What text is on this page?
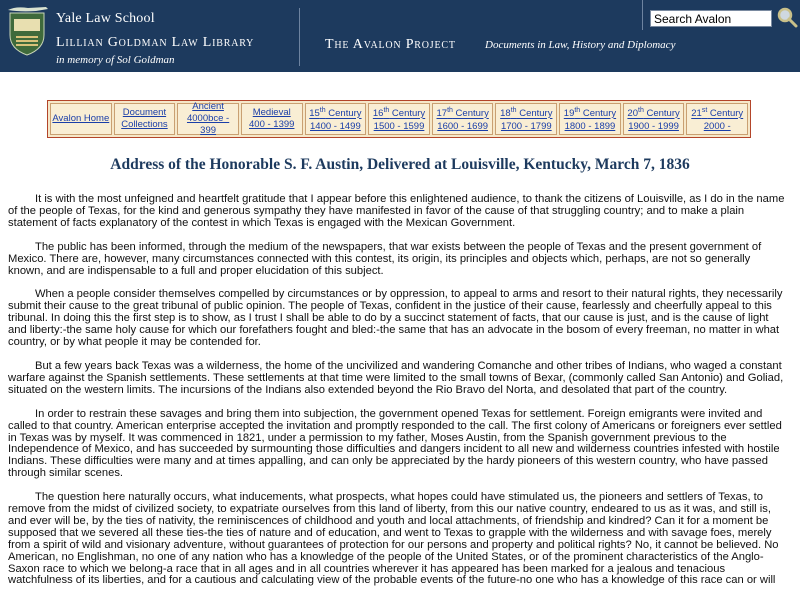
Yale Law School
Lillian Goldman Law Library
in memory of Sol Goldman
The Avalon Project	Documents in Law, History and Diplomacy
Search Avalon
Avalon Home
Document
Collections
Ancient
4000bce - 399
Medieval
400 - 1399
15th Century
1400 - 1499
16th Century
1500 - 1599
17th Century
1600 - 1699
18th Century
1700 - 1799
19th Century
1800 - 1899
20th Century
1900 - 1999
21st Century
2000 -
Address of the Honorable S. F. Austin, Delivered at Louisville, Kentucky, March 7, 1836

It is with the most unfeigned and heartfelt gratitude that I appear before this enlightened audience, to thank the citizens of Louisville, as I do in the name of the people of Texas, for the kind and generous sympathy they have manifested in favor of the cause of that struggling country; and to make a plain statement of facts explanatory of the contest in which Texas is engaged with the Mexican Government.

The public has been informed, through the medium of the newspapers, that war exists between the people of Texas and the present government of Mexico. There are, however, many circumstances connected with this contest, its origin, its principles and objects which, perhaps, are not so generally known, and are indispensable to a full and proper elucidation of this subject.

When a people consider themselves compelled by circumstances or by oppression, to appeal to arms and resort to their natural rights, they necessarily submit their cause to the great tribunal of public opinion. The people of Texas, confident in the justice of their cause, fearlessly and cheerfully appeal to this tribunal. In doing this the first step is to show, as I trust I shall be able to do by a succinct statement of facts, that our cause is just, and is the cause of light and liberty:-the same holy cause for which our forefathers fought and bled:-the same that has an advocate in the bosom of every freeman, no matter in what country, or by what people it may be contended for.

But a few years back Texas was a wilderness, the home of the uncivilized and wandering Comanche and other tribes of Indians, who waged a constant warfare against the Spanish settlements. These settlements at that time were limited to the small towns of Bexar, (commonly called San Antonio) and Goliad, situated on the western limits. The incursions of the Indians also extended beyond the Rio Bravo del Norta, and desolated that part of the country.

In order to restrain these savages and bring them into subjection, the government opened Texas for settlement. Foreign emigrants were invited and called to that country. American enterprise accepted the invitation and promptly responded to the call. The first colony of Americans or foreigners ever settled in Texas was by myself. It was commenced in 1821, under a permission to my father, Moses Austin, from the Spanish government previous to the Independence of Mexico, and has succeeded by surmounting those difficulties and dangers incident to all new and wilderness countries infested with hostile Indians. These difficulties were many and at times appalling, and can only be appreciated by the hardy pioneers of this western country, who have passed through similar scenes.

The question here naturally occurs, what inducements, what prospects, what hopes could have stimulated us, the pioneers and settlers of Texas, to remove from the midst of civilized society, to expatriate ourselves from this land of liberty, from this our native country, endeared to us as it was, and still is, and ever will be, by the ties of nativity, the reminiscences of childhood and youth and local attachments, of friendship and kindred? Can it for a moment be supposed that we severed all these ties-the ties of nature and of education, and went to Texas to grapple with the wilderness and with savage foes, merely from a spirit of wild and visionary adventure, without guarantees of protection for our persons and property and political rights? No, it cannot be believed. No American, no Englishman, no one of any nation who has a knowledge of the people of the United States, or of the prominent characteristics of the Anglo-Saxon race to which we belong-a race that in all ages and in all countries wherever it has appeared has been marked for a jealous and tenacious watchfulness of its liberties, and for a cautious and calculating view of the probable events of the future-no one who has a knowledge of this race can or will
